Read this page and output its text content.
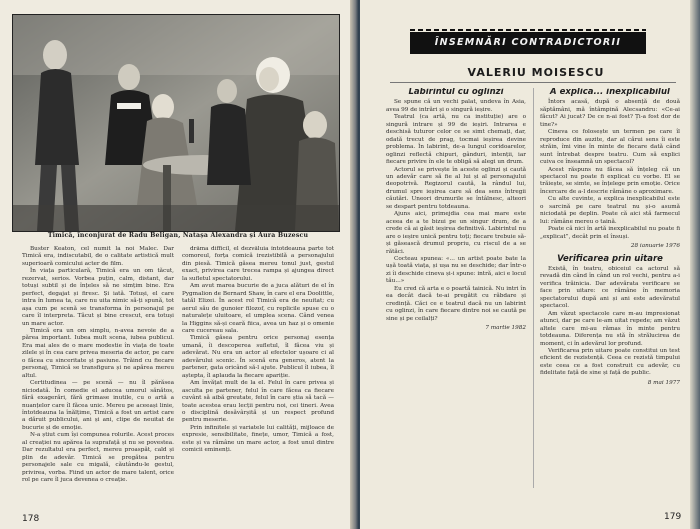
Timică, înconjurat de Radu Beligan, Natașa Alexandra și Aura Buzescu

Buster Keaton, cel numit la noi Malec. Dar Timică era, indiscutabil, de o calitate artistică mult superioară comicului acter de film.

În viața particulară, Timică era un om tăcut, rezervat, serios. Vorbea puțin, calm, distant, dar totuși subtil și de înțeles să ne simțim bine. Era perfect, degajat și firesc. Și iată. Totuși, el care intra în lumea ta, care nu uita nimic să-ți spună, tot așa cum pe scenă se transforma în personajul pe care îl interpreta. Tăcut și bine crescut, era totuși un mare actor.

Timică era un om simplu, n-avea nevoie de a părea important. Iubea mult scena, iubea publicul. Era mai ales de o mare modestie în viața de toate zilele și în cea care privea meseria de actor, pe care o făcea cu sinceritate și pasiune. Trăind cu fiecare personaj, Timică se transfigura și ne apărea mereu altul.

Certitudinea — pe scenă — nu îl părăsea niciodată. În comedie el aducea umorul sănătos, fără exagerări, fără grimase inutile, cu o artă a nuanțelor care îl făcea unic. Mereu pe aceeași linie, întotdeauna la înălțime, Timică a fost un artist care a dăruit publicului, ani și ani, clipe de neuitat de bucurie și de emoție.

N-a știut cum își compunea rolurile. Acest proces al creației nu apărea la suprafață și nu se povestea. Dar rezultatul era perfect, mereu proaspăt, cald și plin de adevăr. Timică se pregătea pentru personajele sale cu migală, căutându-le gestul, privirea, vorba. Fiind un actor de mare talent, orice rol pe care îl juca devenea o creație.

drăma difficil, el dezvăluia întotdeauna parte tot comoreul, forța comică irezistibilă a personajului din piesă. Timică găsea mereu tonul just, gestul exact, privirea care trecea rampa și ajungea direct la sufletul spectatorului.

Am avut marea bucurie de a juca alături de el în Pygmalion de Bernard Shaw, în care el era Doolittle, tatăl Elizei. În acest rol Timică era de neuitat; cu aerul său de gunoier filozof, cu replicile spuse cu o naturalețe uluitoare, el umplea scena. Când venea la Higgins să-și ceară fiica, avea un haz și o omenie care cucereau sala.

Timică găsea pentru orice personaj esența umană, îi descoperea sufletul, îl făcea viu și adevărat. Nu era un actor al efectelor ușoare ci al adevărului scenic. În scenă era generos, atent la partener, gata oricând să-l ajute. Publicul îl iubea, îl aștepta, îl aplauda la fiecare apariție.

Am învățat mult de la el. Felul în care privea și asculta pe partener, felul în care făcea ca fiecare cuvânt să aibă greutate, felul în care știa să tacă — toate acestea erau lecții pentru noi, cei tineri. Avea o disciplină desăvârșită și un respect profund pentru meserie.

Prin infinitele și variatele lui calități, mijloace de expresie, sensibilitate, finețe, umor, Timică a fost, este și va rămâne un mare actor, a fost unul dintre comicii eminenți.

178
ÎNSEMNĂRI CONTRADICTORII
VALERIU MOISESCU
Labirintul cu oglinzi

Se spune că un vechi palat, undeva în Asia, avea 99 de intrări și o singură ieșire.

Teatrul (ca artă, nu ca instituție) are o singură intrare și 99 de ieșiri. Intrarea e deschisă tuturor celor ce se simt chemați, dar, odată trecut de prag, tocmai ieșirea devine problema. În labirint, de-a lungul coridoarelor, oglinzi reflectă chipuri, gânduri, intenții, iar fiecare privire în ele te obligă să alegi un drum.

Actorul se privește în aceste oglinzi și caută un adevăr care să fie al lui și al personajului deopotrivă. Regizorul caută, la rândul lui, drumul spre ieșirea care să dea sens întregii căutări. Uneori drumurile se întâlnesc, alteori se despart pentru totdeauna.

Ajuns aici, primejdia cea mai mare este aceea de a te bizui pe un singur drum, de a crede că ai găsit ieșirea definitivă. Labirintul nu are o ieșire unică pentru toți; fiecare trebuie să-și găsească drumul propriu, cu riscul de a se rătăci.

Cocteau spunea: «... un artist poate bate la ușă toată viața, și ușa nu se deschide; dar într-o zi îi deschide cineva și-i spune: intră, aici e locul tău...»

Eu cred că arta e o poartă tainică. Nu intri în ea decât dacă te-ai pregătit cu răbdare și credință. Căci ce e teatrul dacă nu un labirint cu oglinzi, în care fiecare dintre noi se caută pe sine și pe ceilalți?

7 martie 1982

A explica... inexplicabilul

Întors acasă, după o absență de două săptămâni, mă întâmpină Alecsandru: «Ce-ai făcut? Ai jucat? De ce n-ai fost? Ți-a fost dor de tine?»

Cineva ce folosește un termen pe care îl reproduce din auzite, dar al cărui sens îi este străin, îmi vine în minte de fiecare dată când sunt întrebat despre teatru. Cum să explici cuiva ce înseamnă un spectacol?

Acest răspuns nu făcea să înțeleg că un spectacol nu poate fi explicat cu vorbe. El se trăiește, se simte, se înțelege prin emoție. Orice încercare de a-l descrie rămâne o aproximare.

Cu alte cuvinte, a explica inexplicabilul este o sarcină pe care teatrul nu și-o asumă niciodată pe deplin. Poate că aici stă farmecul lui: rămâne mereu o taină.

Poate că nici în artă inexplicabilul nu poate fi „explicat”, decât prin el însuși.

28 ianuarie 1976

Verificarea prin uitare

Există, în teatru, obiceiul ca actorul să revadă din când în când un rol vechi, pentru a-i verifica trăinicia. Dar adevărata verificare se face prin uitare: ce rămâne în memoria spectatorului după ani și ani este adevăratul spectacol.

Am văzut spectacole care m-au impresionat atunci, dar pe care le-am uitat repede; am văzut altele care mi-au rămas în minte pentru totdeauna. Diferența nu stă în strălucirea de moment, ci în adevărul lor profund.

Verificarea prin uitare poate constitui un test eficient de rezistență. Ceea ce rezistă timpului este ceea ce a fost construit cu adevăr, cu fidelitate față de sine și față de public.

8 mai 1977

179
